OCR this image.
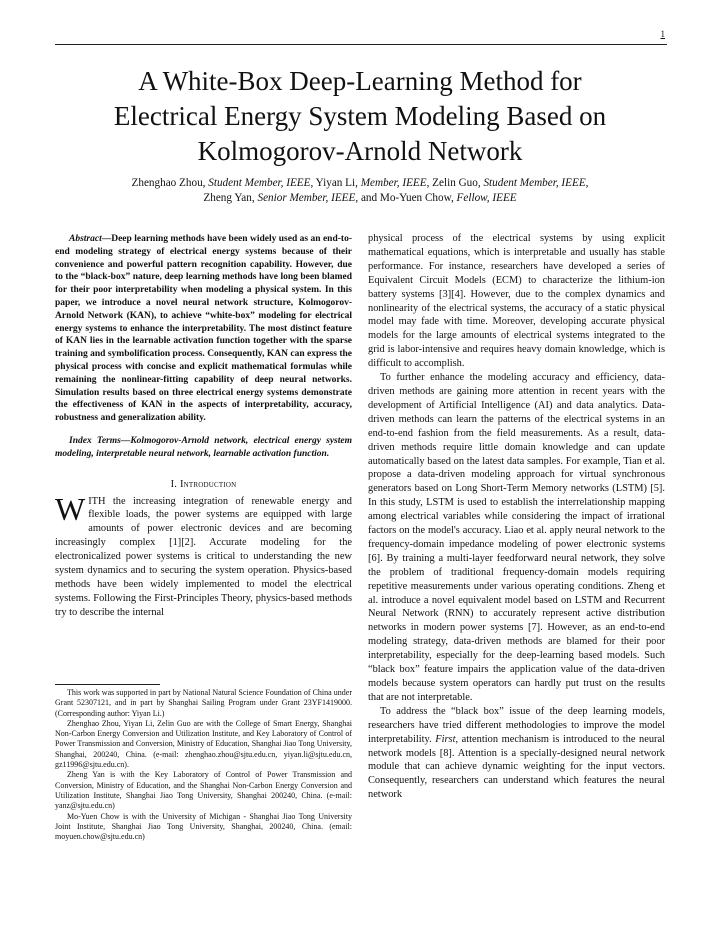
1
A White-Box Deep-Learning Method for
Electrical Energy System Modeling Based on
Kolmogorov-Arnold Network
Zhenghao Zhou, Student Member, IEEE, Yiyan Li, Member, IEEE, Zelin Guo, Student Member, IEEE,
Zheng Yan, Senior Member, IEEE, and Mo-Yuen Chow, Fellow, IEEE

Abstract—Deep learning methods have been widely used as an end-to-end modeling strategy of electrical energy systems because of their convenience and powerful pattern recognition capability. However, due to the “black-box” nature, deep learning methods have long been blamed for their poor interpretability when modeling a physical system. In this paper, we introduce a novel neural network structure, Kolmogorov-Arnold Network (KAN), to achieve “white-box” modeling for electrical energy systems to enhance the interpretability. The most distinct feature of KAN lies in the learnable activation function together with the sparse training and symbolification process. Consequently, KAN can express the physical process with concise and explicit mathematical formulas while remaining the nonlinear-fitting capability of deep neural networks. Simulation results based on three electrical energy systems demonstrate the effectiveness of KAN in the aspects of interpretability, accuracy, robustness and generalization ability.

Index Terms—Kolmogorov-Arnold network, electrical energy system modeling, interpretable neural network, learnable activation function.

I. Introduction

WITH the increasing integration of renewable energy and flexible loads, the power systems are equipped with large amounts of power electronic devices and are becoming increasingly complex [1][2]. Accurate modeling for the electronicalized power systems is critical to understanding the new system dynamics and to securing the system operation. Physics-based methods have been widely implemented to model the electrical systems. Following the First-Principles Theory, physics-based methods try to describe the internal

This work was supported in part by National Natural Science Foundation of China under Grant 52307121, and in part by Shanghai Sailing Program under Grant 23YF1419000. (Corresponding author: Yiyan Li.)

Zhenghao Zhou, Yiyan Li, Zelin Guo are with the College of Smart Energy, Shanghai Non-Carbon Energy Conversion and Utilization Institute, and Key Laboratory of Control of Power Transmission and Conversion, Ministry of Education, Shanghai Jiao Tong University, Shanghai, 200240, China. (e-mail: zhenghao.zhou@sjtu.edu.cn, yiyan.li@sjtu.edu.cn, gz11996@sjtu.edu.cn).

Zheng Yan is with the Key Laboratory of Control of Power Transmission and Conversion, Ministry of Education, and the Shanghai Non-Carbon Energy Conversion and Utilization Institute, Shanghai Jiao Tong University, Shanghai 200240, China. (e-mail: yanz@sjtu.edu.cn)

Mo-Yuen Chow is with the University of Michigan - Shanghai Jiao Tong University Joint Institute, Shanghai Jiao Tong University, Shanghai, 200240, China. (email: moyuen.chow@sjtu.edu.cn)

physical process of the electrical systems by using explicit mathematical equations, which is interpretable and usually has stable performance. For instance, researchers have developed a series of Equivalent Circuit Models (ECM) to characterize the lithium-ion battery systems [3][4]. However, due to the complex dynamics and nonlinearity of the electrical systems, the accuracy of a static physical model may fade with time. Moreover, developing accurate physical models for the large amounts of electrical systems integrated to the grid is labor-intensive and requires heavy domain knowledge, which is difficult to accomplish.

To further enhance the modeling accuracy and efficiency, data-driven methods are gaining more attention in recent years with the development of Artificial Intelligence (AI) and data analytics. Data-driven methods can learn the patterns of the electrical systems in an end-to-end fashion from the field measurements. As a result, data-driven methods require little domain knowledge and can update automatically based on the latest data samples. For example, Tian et al. propose a data-driven modeling approach for virtual synchronous generators based on Long Short-Term Memory networks (LSTM) [5]. In this study, LSTM is used to establish the interrelationship mapping among electrical variables while considering the impact of irrational factors on the model's accuracy. Liao et al. apply neural network to the frequency-domain impedance modeling of power electronic systems [6]. By training a multi-layer feedforward neural network, they solve the problem of traditional frequency-domain models requiring repetitive measurements under various operating conditions. Zheng et al. introduce a novel equivalent model based on LSTM and Recurrent Neural Network (RNN) to accurately represent active distribution networks in modern power systems [7]. However, as an end-to-end modeling strategy, data-driven methods are blamed for their poor interpretability, especially for the deep-learning based models. Such “black box” feature impairs the application value of the data-driven models because system operators can hardly put trust on the results that are not interpretable.

To address the “black box” issue of the deep learning models, researchers have tried different methodologies to improve the model interpretability. First, attention mechanism is introduced to the neural network models [8]. Attention is a specially-designed neural network module that can achieve dynamic weighting for the input vectors. Consequently, researchers can understand which features the neural network
